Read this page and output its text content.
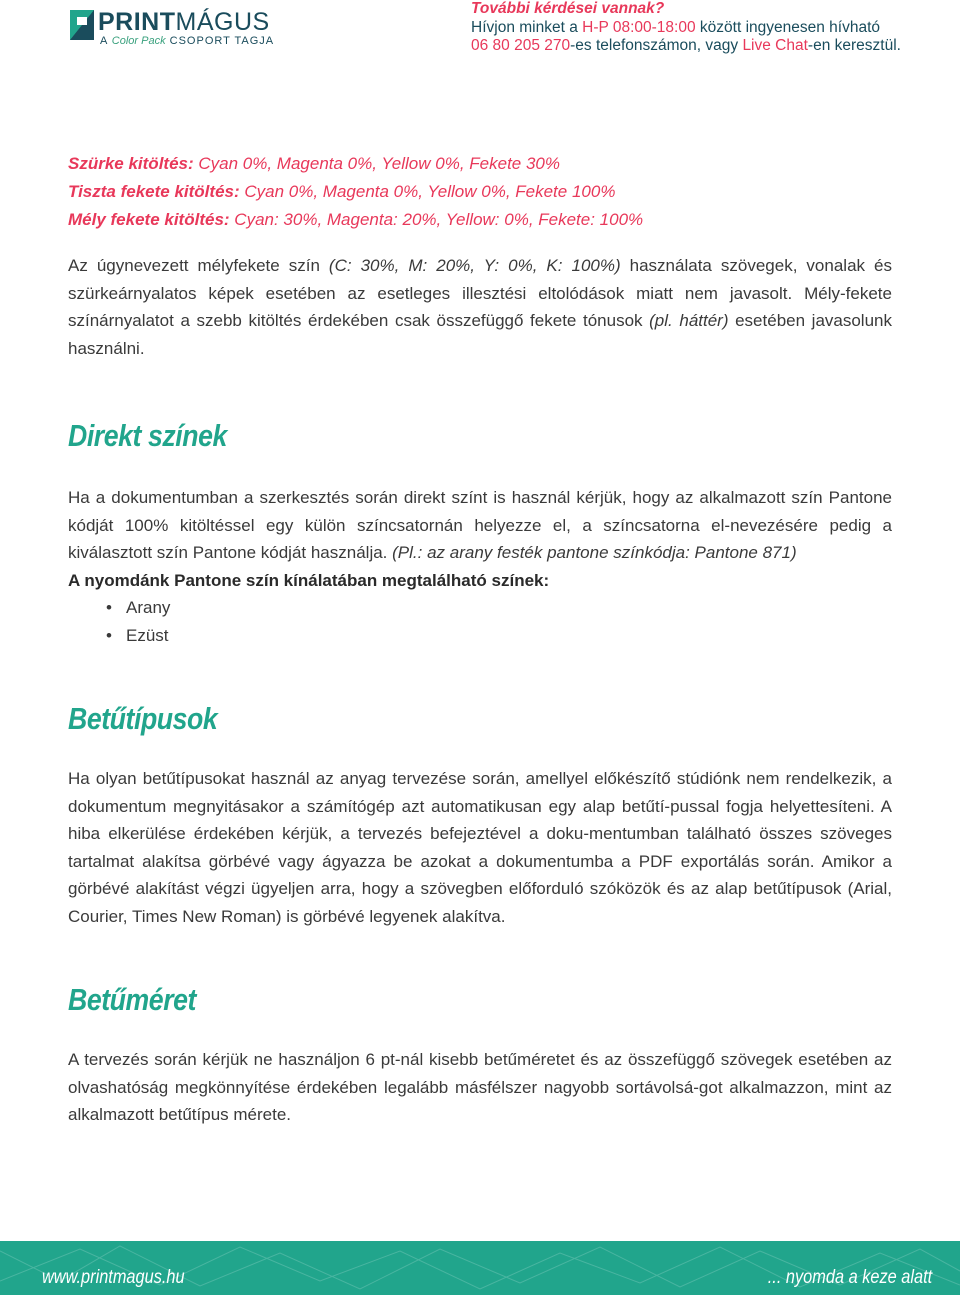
PRINTMÁGUS
A Color Pack CSOPORT TAGJA
További kérdései vannak?
Hívjon minket a H-P 08:00-18:00 között ingyenesen hívható
06 80 205 270-es telefonszámon, vagy Live Chat-en keresztül.
Szürke kitöltés: Cyan 0%, Magenta 0%, Yellow 0%, Fekete 30%
Tiszta fekete kitöltés: Cyan 0%, Magenta 0%, Yellow 0%, Fekete 100%
Mély fekete kitöltés: Cyan: 30%, Magenta: 20%, Yellow: 0%, Fekete: 100%

Az úgynevezett mélyfekete szín (C: 30%, M: 20%, Y: 0%, K: 100%) használata szövegek, vonalak és szürkeárnyalatos képek esetében az esetleges illesztési eltolódások miatt nem javasolt. Mély-fekete színárnyalatot a szebb kitöltés érdekében csak összefüggő fekete tónusok (pl. háttér) esetében javasolunk használni.

Direkt színek

Ha a dokumentumban a szerkesztés során direkt színt is használ kérjük, hogy az alkalmazott szín Pantone kódját 100% kitöltéssel egy külön színcsatornán helyezze el, a színcsatorna el-nevezésére pedig a kiválasztott szín Pantone kódját használja. (Pl.: az arany festék pantone színkódja: Pantone 871)

A nyomdánk Pantone szín kínálatában megtalálható színek:
• Arany
• Ezüst
Betűtípusok

Ha olyan betűtípusokat használ az anyag tervezése során, amellyel előkészítő stúdiónk nem rendelkezik, a dokumentum megnyitásakor a számítógép azt automatikusan egy alap betűtí-pussal fogja helyettesíteni. A hiba elkerülése érdekében kérjük, a tervezés befejeztével a doku-mentumban található összes szöveges tartalmat alakítsa görbévé vagy ágyazza be azokat a dokumentumba a PDF exportálás során. Amikor a görbévé alakítást végzi ügyeljen arra, hogy a szövegben előforduló szóközök és az alap betűtípusok (Arial, Courier, Times New Roman) is görbévé legyenek alakítva.

Betűméret

A tervezés során kérjük ne használjon 6 pt-nál kisebb betűméretet és az összefüggő szövegek esetében az olvashatóság megkönnyítése érdekében legalább másfélszer nagyobb sortávolsá-got alkalmazzon, mint az alkalmazott betűtípus mérete.

www.printmagus.hu	... nyomda a keze alatt
